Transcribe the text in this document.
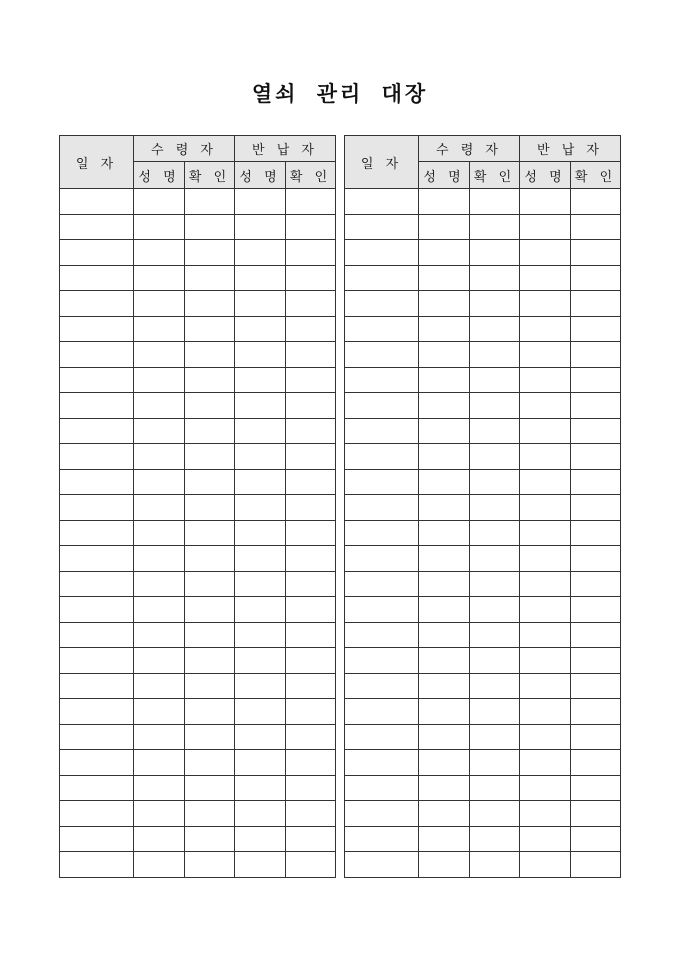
열쇠 관리 대장
일 자	수 령 자		반 납 자	
	성 명	확 인	성 명	확 인

일 자	수 령 자		반 납 자	
	성 명	확 인	성 명	확 인
